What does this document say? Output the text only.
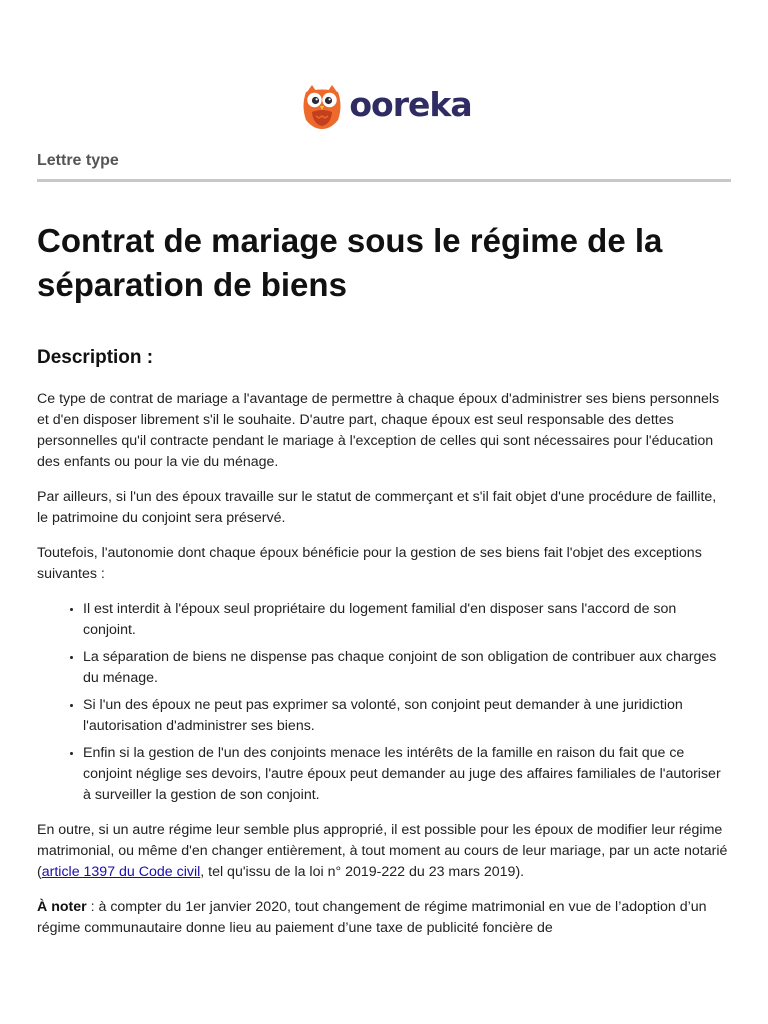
ooreka
Lettre type
Contrat de mariage sous le régime de la séparation de biens
Description :

Ce type de contrat de mariage a l'avantage de permettre à chaque époux d'administrer ses biens personnels et d'en disposer librement s'il le souhaite. D'autre part, chaque époux est seul responsable des dettes personnelles qu'il contracte pendant le mariage à l'exception de celles qui sont nécessaires pour l'éducation des enfants ou pour la vie du ménage.

Par ailleurs, si l'un des époux travaille sur le statut de commerçant et s'il fait objet d'une procédure de faillite, le patrimoine du conjoint sera préservé.

Toutefois, l'autonomie dont chaque époux bénéficie pour la gestion de ses biens fait l'objet des exceptions suivantes :

• Il est interdit à l'époux seul propriétaire du logement familial d'en disposer sans l'accord de son conjoint.
• La séparation de biens ne dispense pas chaque conjoint de son obligation de contribuer aux charges du ménage.
• Si l'un des époux ne peut pas exprimer sa volonté, son conjoint peut demander à une juridiction l'autorisation d'administrer ses biens.
• Enfin si la gestion de l'un des conjoints menace les intérêts de la famille en raison du fait que ce conjoint néglige ses devoirs, l'autre époux peut demander au juge des affaires familiales de l'autoriser à surveiller la gestion de son conjoint.

En outre, si un autre régime leur semble plus approprié, il est possible pour les époux de modifier leur régime matrimonial, ou même d'en changer entièrement, à tout moment au cours de leur mariage, par un acte notarié (article 1397 du Code civil, tel qu'issu de la loi n° 2019-222 du 23 mars 2019).

À noter : à compter du 1er janvier 2020, tout changement de régime matrimonial en vue de l’adoption d’un régime communautaire donne lieu au paiement d’une taxe de publicité foncière de
